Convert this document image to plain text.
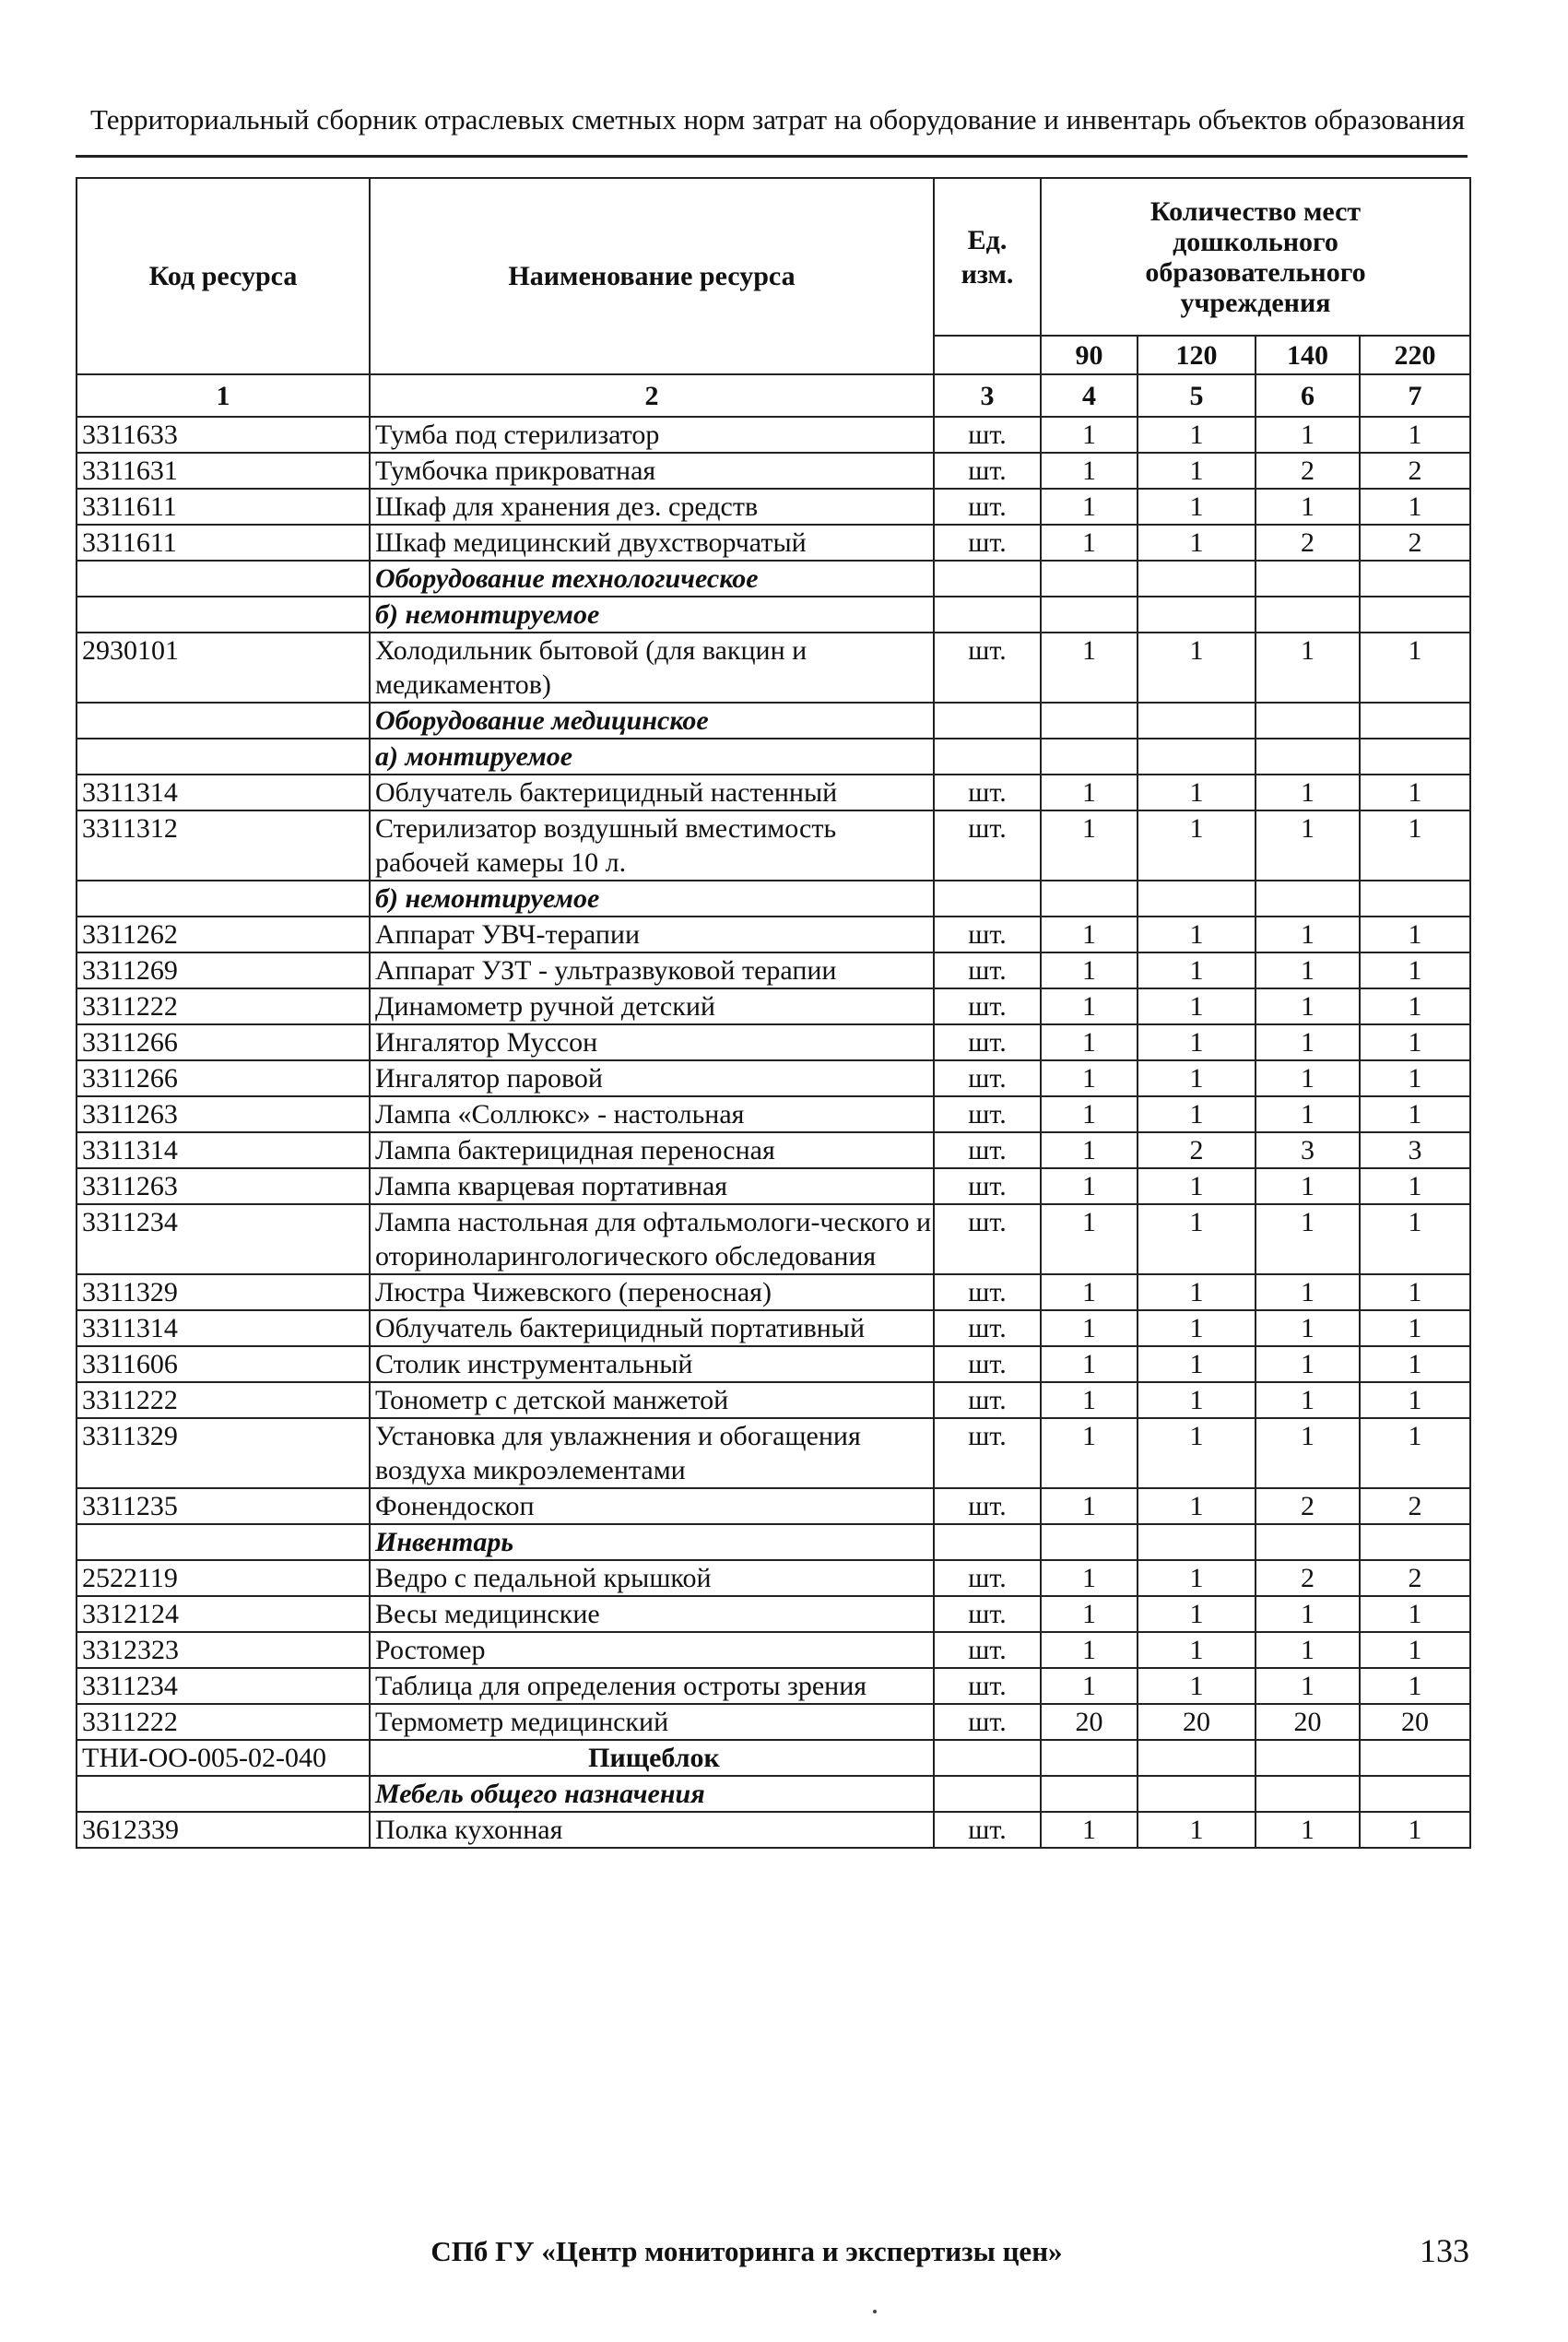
Территориальный сборник отраслевых сметных норм затрат на оборудование и инвентарь объектов образования
Код ресурса	Наименование ресурса	Ед. изм.	Количество мест дошкольного образовательного учреждения			
			90	120	140	220
1	2	3	4	5	6	7
3311633	Тумба под стерилизатор	шт.	1	1	1	1
3311631	Тумбочка прикроватная	шт.	1	1	2	2
3311611	Шкаф для хранения дез. средств	шт.	1	1	1	1
3311611	Шкаф медицинский двухстворчатый	шт.	1	1	2	2
	Оборудование технологическое					
	б) немонтируемое					
2930101	Холодильник бытовой (для вакцин и медикаментов)	шт.	1	1	1	1
	Оборудование медицинское					
	а) монтируемое					
3311314	Облучатель бактерицидный настенный	шт.	1	1	1	1
3311312	Стерилизатор воздушный вместимость рабочей камеры 10 л.	шт.	1	1	1	1
	б) немонтируемое					
3311262	Аппарат УВЧ-терапии	шт.	1	1	1	1
3311269	Аппарат УЗТ - ультразвуковой терапии	шт.	1	1	1	1
3311222	Динамометр ручной детский	шт.	1	1	1	1
3311266	Ингалятор Муссон	шт.	1	1	1	1
3311266	Ингалятор паровой	шт.	1	1	1	1
3311263	Лампа «Соллюкс» - настольная	шт.	1	1	1	1
3311314	Лампа бактерицидная переносная	шт.	1	2	3	3
3311263	Лампа кварцевая портативная	шт.	1	1	1	1
3311234	Лампа настольная для офтальмологи-ческого и оториноларингологического обследования	шт.	1	1	1	1
3311329	Люстра Чижевского (переносная)	шт.	1	1	1	1
3311314	Облучатель бактерицидный портативный	шт.	1	1	1	1
3311606	Столик инструментальный	шт.	1	1	1	1
3311222	Тонометр с детской манжетой	шт.	1	1	1	1
3311329	Установка для увлажнения и обогащения воздуха микроэлементами	шт.	1	1	1	1
3311235	Фонендоскоп	шт.	1	1	2	2
	Инвентарь					
2522119	Ведро с педальной крышкой	шт.	1	1	2	2
3312124	Весы медицинские	шт.	1	1	1	1
3312323	Ростомер	шт.	1	1	1	1
3311234	Таблица для определения остроты зрения	шт.	1	1	1	1
3311222	Термометр медицинский	шт.	20	20	20	20
ТНИ-ОО-005-02-040	Пищеблок					
	Мебель общего назначения					
3612339	Полка кухонная	шт.	1	1	1	1
СПб ГУ «Центр мониторинга и экспертизы цен»	133
